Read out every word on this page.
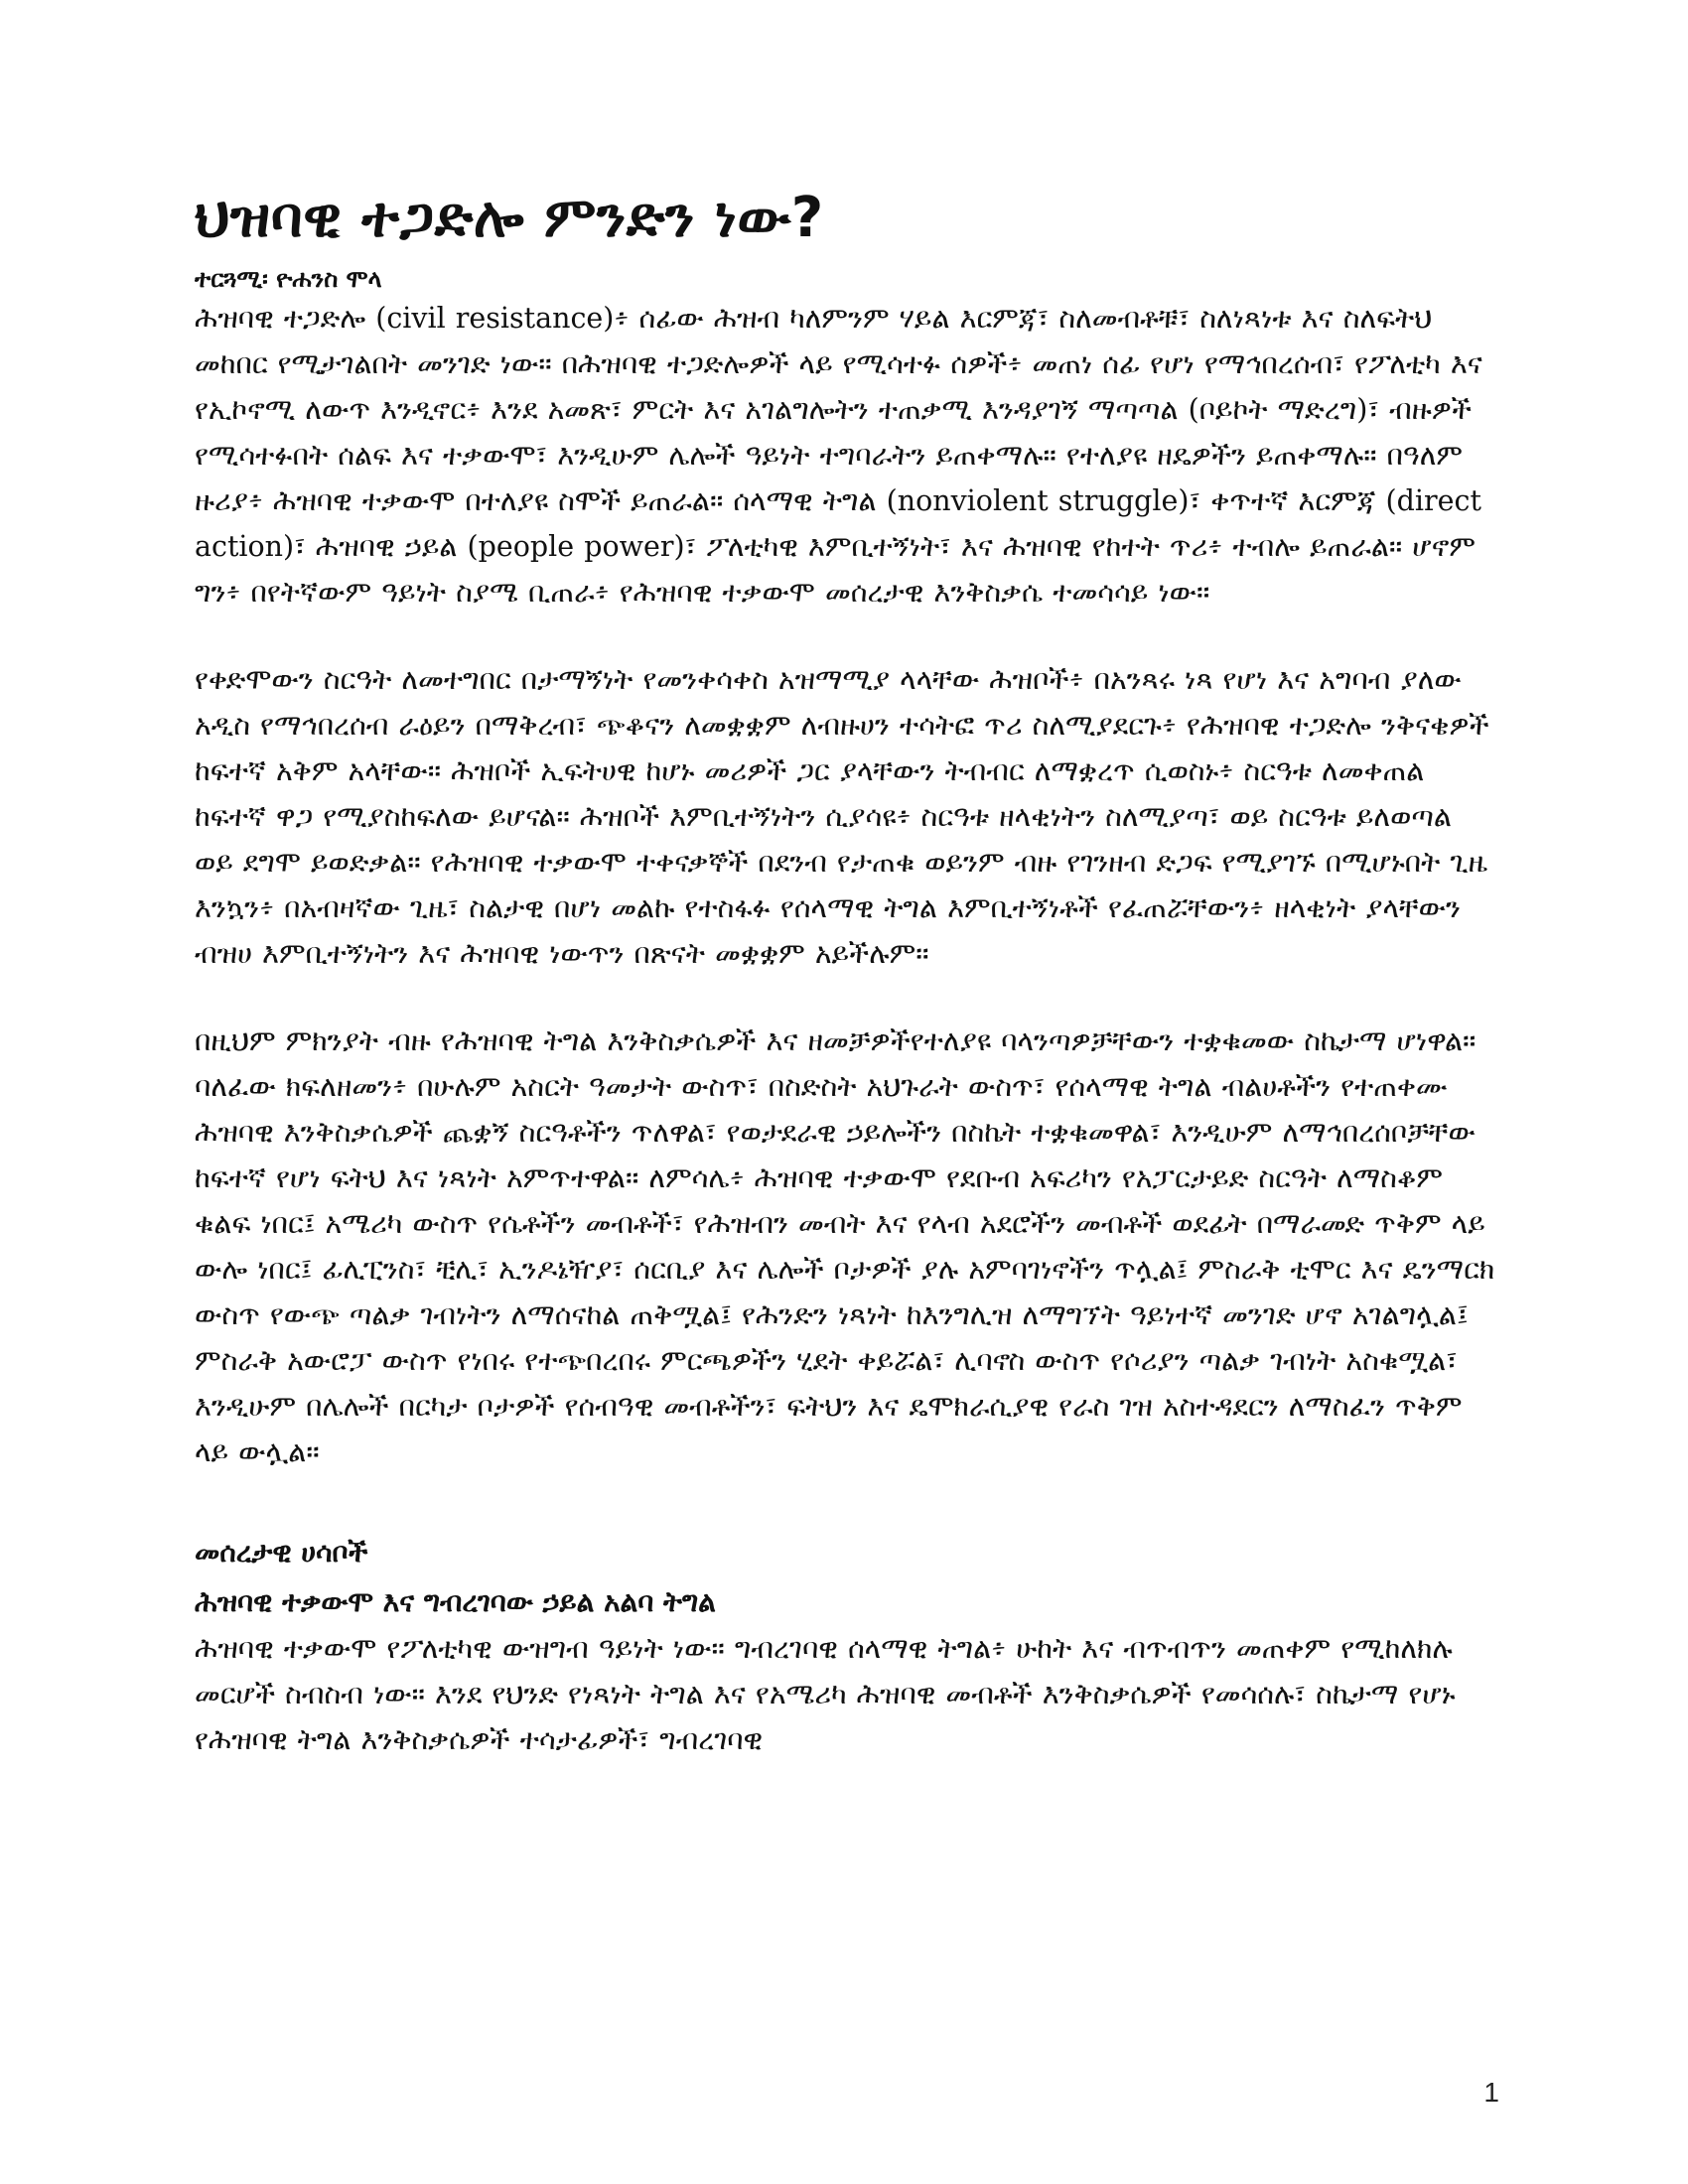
ህዝባዊ ተጋድሎ ምንድን ነው?

ተርጓሚ፡ ዮሐንስ ሞላ

ሕዝባዊ ተጋድሎ (civil resistance)፥ ሰፊው ሕዝብ ካለምንም ሃይል እርምጃ፣ ስለመብቶቹ፣ ስለነጻነቱ እና ስለፍትህ መከበር የሚታገልበት መንገድ ነው። በሕዝባዊ ተጋድሎዎች ላይ የሚሳተፉ ሰዎች፥ መጠነ ሰፊ የሆነ የማኅበረሰብ፣ የፖለቲካ እና የኢኮኖሚ ለውጥ እንዲኖር፥ እንደ አመጽ፣ ምርት እና አገልግሎትን ተጠቃሚ እንዳያገኝ ማጣጣል (ቦይኮት ማድረግ)፣ ብዙዎች የሚሳተፉበት ሰልፍ እና ተቃውሞ፣ እንዲሁም ሌሎች ዓይነት ተግባራትን ይጠቀማሉ። የተለያዩ ዘዴዎችን ይጠቀማሉ። በዓለም ዙሪያ፥ ሕዝባዊ ተቃውሞ በተለያዩ ስሞች ይጠራል። ሰላማዊ ትግል (nonviolent struggle)፣ ቀጥተኛ እርምጃ (direct action)፣ ሕዝባዊ ኃይል (people power)፣ ፖለቲካዊ እምቢተኝነት፣ እና ሕዝባዊ የከተት ጥሪ፥ ተብሎ ይጠራል። ሆኖም ግን፥ በየትኛውም ዓይነት ስያሜ ቢጠራ፥ የሕዝባዊ ተቃውሞ መሰረታዊ እንቅስቃሴ ተመሳሳይ ነው።

የቀድሞውን ስርዓት ለመተግበር በታማኝነት የመንቀሳቀስ አዝማሚያ ላላቸው ሕዝቦች፥ በአንጻሩ ነጻ የሆነ እና አግባብ ያለው አዲስ የማኅበረሰብ ራዕይን በማቅረብ፣ ጭቆናን ለመቋቋም ለብዙሀን ተሳትፎ ጥሪ ስለሚያደርጉ፥ የሕዝባዊ ተጋድሎ ንቅናቄዎች ከፍተኛ አቅም አላቸው። ሕዝቦች ኢፍትሀዊ ከሆኑ መሪዎች ጋር ያላቸውን ትብብር ለማቋረጥ ሲወስኑ፥ ስርዓቱ ለመቀጠል ከፍተኛ ዋጋ የሚያስከፍለው ይሆናል። ሕዝቦች እምቢተኝነትን ሲያሳዩ፥ ስርዓቱ ዘላቂነትን ስለሚያጣ፣ ወይ ስርዓቱ ይለወጣል ወይ ደግሞ ይወድቃል። የሕዝባዊ ተቃውሞ ተቀናቃኞች በደንብ የታጠቁ ወይንም ብዙ የገንዘብ ድጋፍ የሚያገኙ በሚሆኑበት ጊዜ እንኳን፥ በአብዛኛው ጊዜ፣ ስልታዊ በሆነ መልኩ የተስፋፉ የሰላማዊ ትግል እምቢተኝነቶች የፈጠሯቸውን፥ ዘላቂነት ያላቸውን ብዝሀ እምቢተኝነትን እና ሕዝባዊ ነውጥን በጽናት መቋቋም አይችሉም።

በዚህም ምክንያት ብዙ የሕዝባዊ ትግል እንቅስቃሴዎች እና ዘመቻዎችየተለያዩ ባላንጣዎቻቸውን ተቋቁመው ስኬታማ ሆነዋል። ባለፈው ክፍለዘመን፥ በሁሉም አስርት ዓመታት ውስጥ፣ በስድስት አህጉራት ውስጥ፣ የሰላማዊ ትግል ብልሀቶችን የተጠቀሙ ሕዝባዊ እንቅስቃሴዎች ጨቋኝ ስርዓቶችን ጥለዋል፣ የወታደራዊ ኃይሎችን በስኬት ተቋቁመዋል፣ እንዲሁም ለማኅበረሰቦቻቸው ከፍተኛ የሆነ ፍትህ እና ነጻነት አምጥተዋል። ለምሳሌ፥ ሕዝባዊ ተቃውሞ የደቡብ አፍሪካን የአፓርታይድ ስርዓት ለማስቆም ቁልፍ ነበር፤ አሜሪካ ውስጥ የሴቶችን መብቶች፣ የሕዝብን መብት እና የላብ አደሮችን መብቶች ወደፊት በማራመድ ጥቅም ላይ ውሎ ነበር፤ ፊሊፒንስ፣ ቺሊ፣ ኢንዶኔዥያ፣ ሰርቢያ እና ሌሎች ቦታዎች ያሉ አምባገነኖችን ጥሏል፤ ምስራቅ ቲሞር እና ዴንማርክ ውስጥ የውጭ ጣልቃ ገብነትን ለማሰናከል ጠቅሟል፤ የሕንድን ነጻነት ከእንግሊዝ ለማግኘት ዓይነተኛ መንገድ ሆኖ አገልግሏል፤ ምስራቅ አውሮፓ ውስጥ የነበሩ የተጭበረበሩ ምርጫዎችን ሂደት ቀይሯል፣ ሊባኖስ ውስጥ የሶሪያን ጣልቃ ገብነት አስቁሟል፣ እንዲሁም በሌሎች በርካታ ቦታዎች የሰብዓዊ መብቶችን፣ ፍትህን እና ዴሞክራሲያዊ የራስ ገዝ አስተዳደርን ለማስፈን ጥቅም ላይ ውሏል።

መሰረታዊ ሀሳቦች
ሕዝባዊ ተቃውሞ እና ግብረገባው ኃይል አልባ ትግል

ሕዝባዊ ተቃውሞ የፖለቲካዊ ውዝግብ ዓይነት ነው። ግብረገባዊ ሰላማዊ ትግል፥ ሁከት እና ብጥብጥን መጠቀም የሚከለክሉ መርሆች ስብስብ ነው። እንደ የህንድ የነጻነት ትግል እና የአሜሪካ ሕዝባዊ መብቶች እንቅስቃሴዎች የመሳሰሉ፣ ስኬታማ የሆኑ የሕዝባዊ ትግል እንቅስቃሴዎች ተሳታፊዎች፣ ግብረገባዊ

1
